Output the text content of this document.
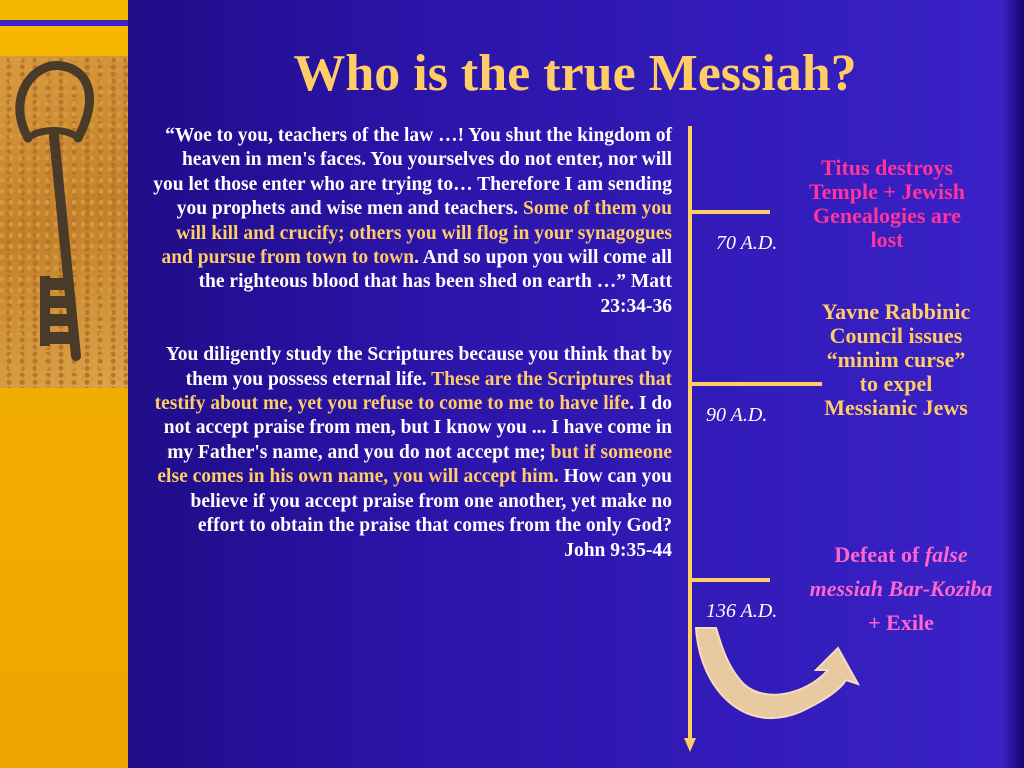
Who is the true Messiah?

“Woe to you, teachers of the law …! You shut the kingdom of heaven in men's faces. You yourselves do not enter, nor will you let those enter who are trying to… Therefore I am sending you prophets and wise men and teachers. Some of them you will kill and crucify; others you will flog in your synagogues and pursue from town to town. And so upon you will come all the righteous blood that has been shed on earth …” Matt 23:34-36

You diligently study the Scriptures because you think that by them you possess eternal life. These are the Scriptures that testify about me, yet you refuse to come to me to have life. I do not accept praise from men, but I know you ... I have come in my Father's name, and you do not accept me; but if someone else comes in his own name, you will accept him. How can you believe if you accept praise from one another, yet make no effort to obtain the praise that comes from the only God?
John 9:35-44

70 A.D.
90 A.D.
136 A.D.
Titus destroys Temple + Jewish Genealogies are lost
Yavne Rabbinic Council issues “minim curse” to expel Messianic Jews
Defeat of false messiah Bar-Koziba + Exile
